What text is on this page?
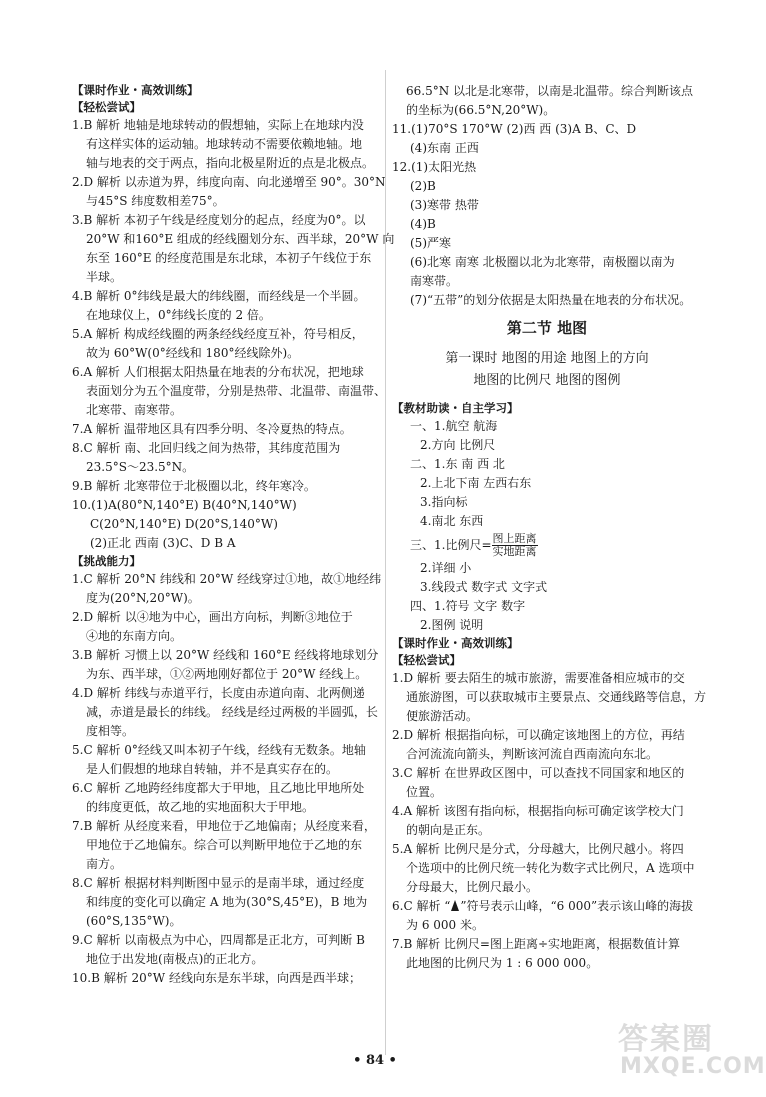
【课时作业・高效训练】
【轻松尝试】
1.B 解析 地轴是地球转动的假想轴，实际上在地球内没
有这样实体的运动轴。地球转动不需要依赖地轴。地
轴与地表的交于两点，指向北极星附近的点是北极点。
2.D 解析 以赤道为界，纬度向南、向北递增至 90°。30°N
与45°S 纬度数相差75°。
3.B 解析 本初子午线是经度划分的起点，经度为0°。以
20°W 和160°E 组成的经线圈划分东、西半球，20°W 向
东至 160°E 的经度范围是东北球，本初子午线位于东
半球。
4.B 解析 0°纬线是最大的纬线圈，而经线是一个半圆。
在地球仪上，0°纬线长度的 2 倍。
5.A 解析 构成经线圈的两条经线经度互补，符号相反，
故为 60°W(0°经线和 180°经线除外)。
6.A 解析 人们根据太阳热量在地表的分布状况，把地球
表面划分为五个温度带，分别是热带、北温带、南温带、
北寒带、南寒带。
7.A 解析 温带地区具有四季分明、冬冷夏热的特点。
8.C 解析 南、北回归线之间为热带，其纬度范围为
23.5°S～23.5°N。
9.B 解析 北寒带位于北极圈以北，终年寒冷。
10.(1)A(80°N,140°E) B(40°N,140°W)
C(20°N,140°E) D(20°S,140°W)
(2)正北 西南 (3)C、D B A
【挑战能力】
1.C 解析 20°N 纬线和 20°W 经线穿过①地，故①地经纬
度为(20°N,20°W)。
2.D 解析 以④地为中心，画出方向标，判断③地位于
④地的东南方向。
3.B 解析 习惯上以 20°W 经线和 160°E 经线将地球划分
为东、西半球，①②两地刚好都位于 20°W 经线上。
4.D 解析 纬线与赤道平行，长度由赤道向南、北两侧递
减，赤道是最长的纬线。 经线是经过两极的半圆弧，长
度相等。
5.C 解析 0°经线又叫本初子午线，经线有无数条。地轴
是人们假想的地球自转轴，并不是真实存在的。
6.C 解析 乙地跨经纬度都大于甲地，且乙地比甲地所处
的纬度更低，故乙地的实地面积大于甲地。
7.B 解析 从经度来看，甲地位于乙地偏南；从经度来看，
甲地位于乙地偏东。综合可以判断甲地位于乙地的东
南方。
8.C 解析 根据材料判断图中显示的是南半球，通过经度
和纬度的变化可以确定 A 地为(30°S,45°E)，B 地为
(60°S,135°W)。
9.C 解析 以南极点为中心，四周都是正北方，可判断 B
地位于出发地(南极点)的正北方。
10.B 解析 20°W 经线向东是东半球，向西是西半球；
66.5°N 以北是北寒带，以南是北温带。综合判断该点
的坐标为(66.5°N,20°W)。
11.(1)70°S 170°W (2)西 西 (3)A B、C、D
(4)东南 正西
12.(1)太阳光热
(2)B
(3)寒带 热带
(4)B
(5)严寒
(6)北寒 南寒 北极圈以北为北寒带，南极圈以南为
南寒带。
(7)“五带”的划分依据是太阳热量在地表的分布状况。
第二节 地图
第一课时 地图的用途 地图上的方向
地图的比例尺 地图的图例
【教材助读・自主学习】
一、1.航空 航海
2.方向 比例尺
二、1.东 南 西 北
2.上北下南 左西右东
3.指向标
4.南北 东西
三、1.比例尺= $\frac{\text{图上距离}}{\text{实地距离}}$
2.详细 小
3.线段式 数字式 文字式
四、1.符号 文字 数字
2.图例 说明
【课时作业・高效训练】
【轻松尝试】
1.D 解析 要去陌生的城市旅游，需要准备相应城市的交
通旅游图，可以获取城市主要景点、交通线路等信息，方
便旅游活动。
2.D 解析 根据指向标，可以确定该地图上的方位，再结
合河流流向箭头，判断该河流自西南流向东北。
3.C 解析 在世界政区图中，可以查找不同国家和地区的
位置。
4.A 解析 该图有指向标，根据指向标可确定该学校大门
的朝向是正东。
5.A 解析 比例尺是分式，分母越大，比例尺越小。将四
个选项中的比例尺统一转化为数字式比例尺，A 选项中
分母最大，比例尺最小。
6.C 解析 “ ”符号表示山峰，“6 000”表示该山峰的海拔
为 6 000 米。
7.B 解析 比例尺=图上距离÷实地距离，根据数值计算
此地图的比例尺为 1 : 6 000 000。
• 84 •
答案圈
MXQE.COM
